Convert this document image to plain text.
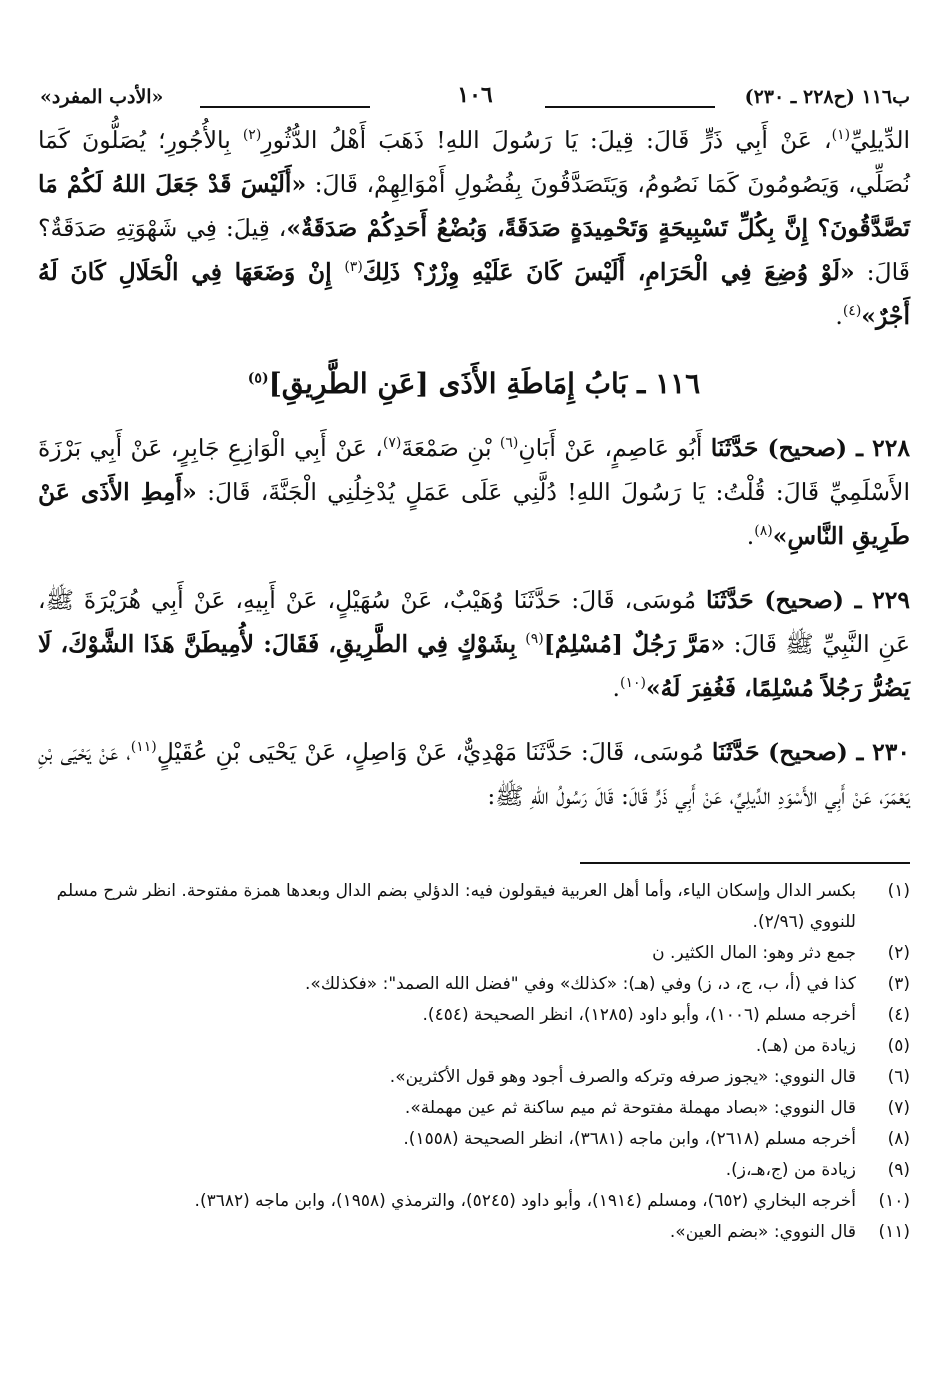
ب١١٦ (ح٢٢٨ ـ ٢٣٠)
١٠٦
«الأدب المفرد»

الدِّيلِيِّ$^{(١)}$، عَنْ أَبِي ذَرٍّ قَالَ: قِيلَ: يَا رَسُولَ اللهِ! ذَهَبَ أَهْلُ الدُّثُورِ$^{(٢)}$ بِالأُجُورِ؛ يُصَلُّونَ كَمَا نُصَلِّي، وَيَصُومُونَ كَمَا نَصُومُ، وَيَتَصَدَّقُونَ بِفُضُولِ أَمْوَالِهِمْ، قَالَ: «أَلَيْسَ قَدْ جَعَلَ اللهُ لَكُمْ مَا تَصَّدَّقُونَ؟ إِنَّ بِكُلِّ تَسْبِيحَةٍ وَتَحْمِيدَةٍ صَدَقَةً، وَبُضْعُ أَحَدِكُمْ صَدَقَةٌ»، قِيلَ: فِي شَهْوَتِهِ صَدَقَةٌ؟ قَالَ: «لَوْ وُضِعَ فِي الْحَرَامِ، أَلَيْسَ كَانَ عَلَيْهِ وِزْرٌ؟ ذَلِكَ$^{(٣)}$ إِنْ وَضَعَهَا فِي الْحَلَالِ كَانَ لَهُ أَجْرٌ»$^{(٤)}$.

١١٦ ـ بَابُ إِمَاطَةِ الأَذَى [عَنِ الطَّرِيقِ]$^{(٥)}$

٢٢٨ ـ (صحيح) حَدَّثَنَا أَبُو عَاصِمٍ، عَنْ أَبَانِ$^{(٦)}$ بْنِ صَمْعَةَ$^{(٧)}$، عَنْ أَبِي الْوَازِعِ جَابِرٍ، عَنْ أَبِي بَرْزَةَ الأَسْلَمِيِّ قَالَ: قُلْتُ: يَا رَسُولَ اللهِ! دُلَّنِي عَلَى عَمَلٍ يُدْخِلُنِي الْجَنَّةَ، قَالَ: «أَمِطِ الأَذَى عَنْ طَرِيقِ النَّاسِ»$^{(٨)}$.

٢٢٩ ـ (صحيح) حَدَّثَنَا مُوسَى، قَالَ: حَدَّثَنَا وُهَيْبٌ، عَنْ سُهَيْلٍ، عَنْ أَبِيهِ، عَنْ أَبِي هُرَيْرَةَ ﷺ، عَنِ النَّبِيِّ ﷺ قَالَ: «مَرَّ رَجُلٌ [مُسْلِمٌ]$^{(٩)}$ بِشَوْكٍ فِي الطَّرِيقِ، فَقَالَ: لأُمِيطَنَّ هَذَا الشَّوْكَ، لَا يَضُرُّ رَجُلاً مُسْلِمًا، فَغُفِرَ لَهُ»$^{(١٠)}$.

٢٣٠ ـ (صحيح) حَدَّثَنَا مُوسَى، قَالَ: حَدَّثَنَا مَهْدِيٌّ، عَنْ وَاصِلٍ، عَنْ يَحْيَى بْنِ عُقَيْلٍ$^{(١١)}$، عَنْ يَحْيَى بْنِ يَعْمَرَ، عَنْ أَبِي الأَسْوَدِ الدِّيلِيِّ، عَنْ أَبِي ذَرٍّ قَالَ: قَالَ رَسُولُ اللهِ ﷺ:

(١)
بكسر الدال وإسكان الياء، وأما أهل العربية فيقولون فيه: الدؤلي بضم الدال وبعدها همزة مفتوحة. انظر شرح مسلم للنووي (٢/٩٦).
(٢)
جمع دثر وهو: المال الكثير. ن
(٣)
كذا في (أ، ب، ج، د، ز) وفي (هـ): «كذلك» وفي "فضل الله الصمد": «فكذلك».
(٤)
أخرجه مسلم (١٠٠٦)، وأبو داود (١٢٨٥)، انظر الصحيحة (٤٥٤).
(٥)
زيادة من (هـ).
(٦)
قال النووي: «يجوز صرفه وتركه والصرف أجود وهو قول الأكثرين».
(٧)
قال النووي: «بصاد مهملة مفتوحة ثم ميم ساكنة ثم عين مهملة».
(٨)
أخرجه مسلم (٢٦١٨)، وابن ماجه (٣٦٨١)، انظر الصحيحة (١٥٥٨).
(٩)
زيادة من (ج،هـ،ز).
(١٠)
أخرجه البخاري (٦٥٢)، ومسلم (١٩١٤)، وأبو داود (٥٢٤٥)، والترمذي (١٩٥٨)، وابن ماجه (٣٦٨٢).
(١١)
قال النووي: «بضم العين».
